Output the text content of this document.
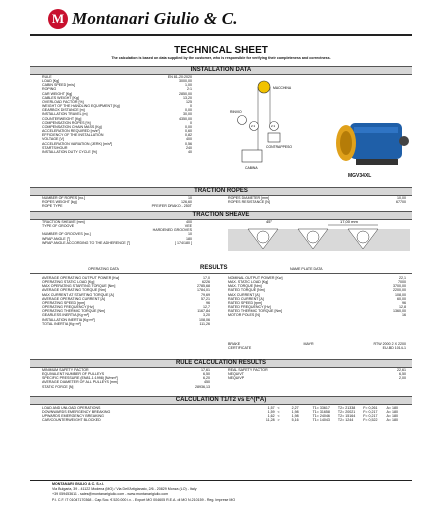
M Montanari Giulio & C.
TECHNICAL SHEET
The calculation is based on data supplied by the customer, who is responsible for verifying their completeness and correctness.
INSTALLATION DATA
RULE	EN 81-20:2020
LOAD [Kg]	3000,00
CABIN SPEED [m/s]	1,00
ROPING	2:1
CAR WEIGHT [Kg]	2850,00
CABLES WEIGHT [Kg]	13,20
OVERLOAD FACTOR [%]	125
WEIGHT OF THE HANDLING EQUIPMENT [Kg]	0
GEARBOX DISTANCE [m]	0,00
INSTALLATION TRAVEL [m]	30,00
COUNTERWEIGHT [Kg]	4350,00
COMPENSATION ROPES [%]	0
COMPENSATION CHAIN MASS [Kg]	0,00
ACCELERATION REQUIRED [m/s²]	0,60
EFFICIENCY OF THE INSTALLATION	0,82
VOLTAGE [V]	400
ACCELERATION VARIATION (JERK) [m/s³]	0,56
STARTS/HOUR	240
INSTALLATION DUTY CYCLE [%]	40
MACCHINA
RINVIO
2:1	2:1
CONTRAPPESO
CABINA
MGV34XL
TRACTION ROPES
NUMBER OF ROPES [no.]	10
ROPES WEIGHT [kg]	126,60
ROPE TYPE	PFEIFER DRAKO - 250T
ROPES DIAMETER [mm]	10,00
ROPES RESISTANCE [N]	67700
TRACTION SHEAVE
TRACTION SHEAVE [mm]	400
TYPE OF GROOVE	VEE
HARDENED GROOVES
NUMBER OF GROOVES [no.]	10
WRAP ANGLE [°]	180
WRAP ANGLE ACCORDING TO THE ADHERENCE [°]	[ 174/180 ]
45°	17,00 mm
OPERATING DATA	NAME PLATE DATA
RESULTS
AVERAGE OPERATING OUTPUT POWER [Kw]	17,0
OPERATING STATIC LOAD [Kg]	6226
MAX OPERATING STARTING TORQUE [Nm]	2785,68
AVERAGE OPERATING TORQUE [Nm]	1784,01
MAX CURRENT AT STARTING TORQUE [A]	79,69
AVERAGE OPERATING CURRENT [A]	57,21
OPERATING SPEED [rpm]	96
OPERATING FREQUENCY [Hz]	12,7
OPERATING THERMIC TORQUE [Nm]	1167,84
GEARLESS INERTIA [Kg·m²]	3,20
INSTALLATION INERTIA [Kg·m²]	108,06
TOTAL INERTIA [Kg·m²]	111,26
NOMINAL OUTPUT POWER [Kw]	22,1
MAX. STATIC LOAD [Kg]	7000
MAX. TORQUE [Nm]	3700,00
RATED TORQUE [Nm]	2200,00
MAX CURRENT [A]	108,00
RATED CURRENT [A]	60,00
RATED SPEED [rpm]	96
RATED FREQUENCY [Hz]	12,8
RATED THERMIC TORQUE [Nm]	1360,00
MOTOR POLES [N]	16
BRAKE	MAYR	RTW 2000 2 X 2200
CERTIFICATE	EU-BD 1014-1
RULE CALCULATION RESULTS
MINIMUM SAFETY FACTOR	17,61
EQUIVALENT NUMBER OF PULLEYS	6,50
SPECIFIC PRESSURE (EN81-1:1998) [N/mm²]	6,20
AVERAGE DIAMETER OF ALL PULLEYS [mm]	450
STATIC FORCE [N]	28936,13
REAL SAFETY FACTOR	22,61
NEQUIVT	6,50
NEQUIVP	2,00
CALCULATION T1/T2 vs E^(f*A)
LOAD AND UNLOAD OPERATIONS	1,57 <	2,27	T1= 33617	T2= 21338	F= 0,261	A= 180
DOWNWARDS EMERGENCY BREAKING	1,59 <	1,98	T1= 31658	T2= 20021	F= 0,217	A= 180
UPWARDS EMERGENCY BREAKING	1,62 <	1,98	T1= 24046	T2= 15164	F= 0,217	A= 180
CAR/COUNTERWEIGHT BLOCKED	11,28 >	5,16	T1= 14043	T2= 1244	F= 0,522	A= 180
MONTANARI GIULIO & C. S.r.l.
Via Bulgaria, 39 - 41122 Modena (MO) / Via Dell'Artigianato, 2/6 - 20829 Monza (LO) - Italy
+39 059453611 - sales@montanarigiulio.com - www.montanarigiulio.com
P.I. C.F. IT 01047170368 - Cap.Soc. € 520.000 i.v. - Export MO 004605 R.E.A. di MO N.210159 - Reg. Imprese MO
